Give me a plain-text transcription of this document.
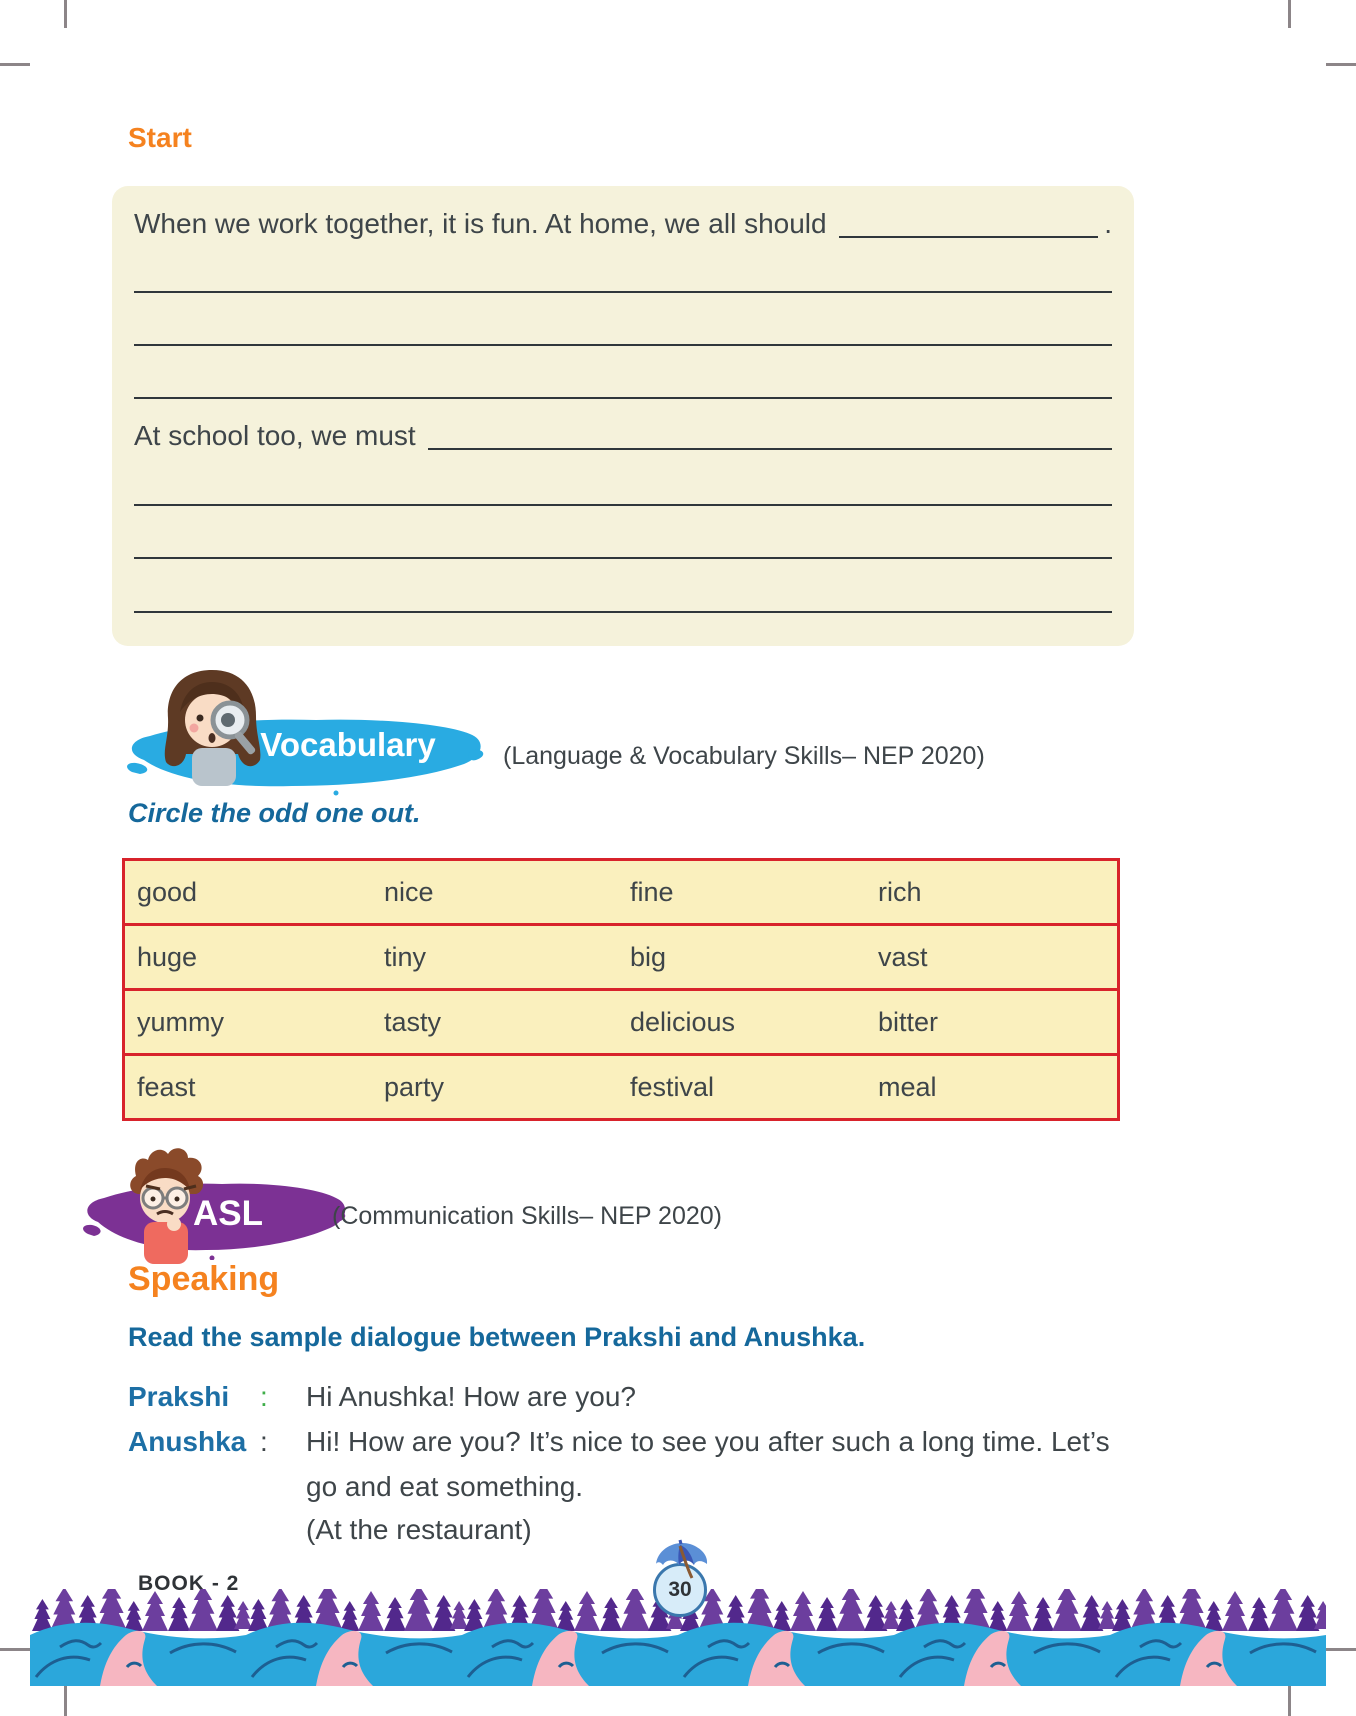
Start
When we work together, it is fun. At home, we all should	.
At school too, we must
Vocabulary	(Language & Vocabulary Skills– NEP 2020)
Circle the odd one out.
good	nice	fine	rich
huge	tiny	big	vast
yummy	tasty	delicious	bitter
feast	party	festival	meal
ASL	(Communication Skills– NEP 2020)
Speaking
Read the sample dialogue between Prakshi and Anushka.
Prakshi	:	Hi Anushka! How are you?
Anushka :	Hi! How are you? It’s nice to see you after such a long time. Let’s go and eat something.
(At the restaurant)
BOOK - 2	30
